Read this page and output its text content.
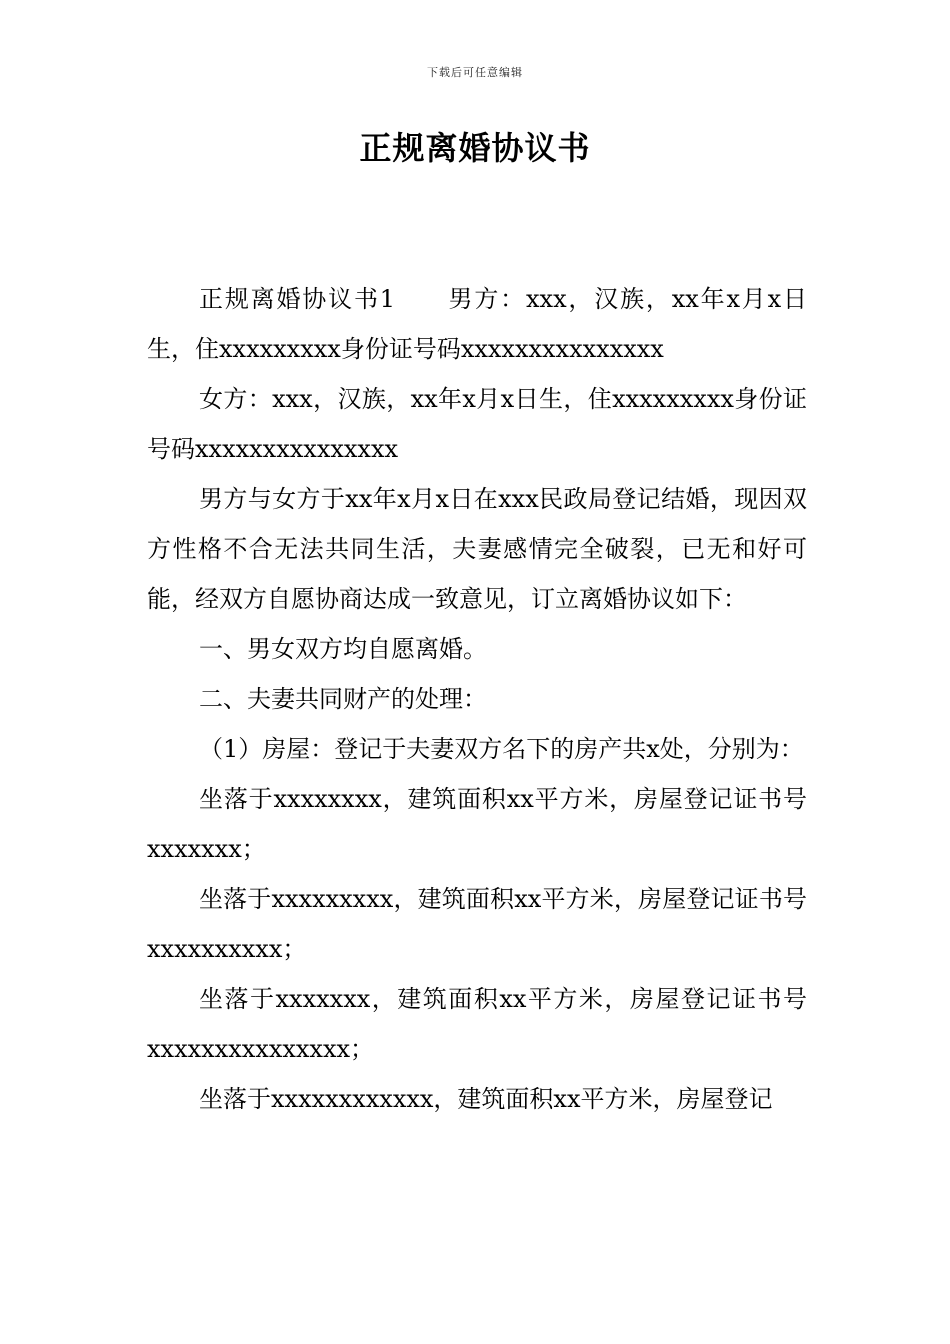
下载后可任意编辑
正规离婚协议书

正规离婚协议书1　　男方：xxx，汉族，xx年x月x日生，住xxxxxxxxx身份证号码xxxxxxxxxxxxxxx

女方：xxx，汉族，xx年x月x日生，住xxxxxxxxx身份证号码xxxxxxxxxxxxxxx

男方与女方于xx年x月x日在xxx民政局登记结婚，现因双方性格不合无法共同生活，夫妻感情完全破裂，已无和好可能，经双方自愿协商达成一致意见，订立离婚协议如下：

一、男女双方均自愿离婚。

二、夫妻共同财产的处理：

（1）房屋：登记于夫妻双方名下的房产共x处，分别为：

坐落于xxxxxxxx，建筑面积xx平方米，房屋登记证书号xxxxxxx；

坐落于xxxxxxxxx，建筑面积xx平方米，房屋登记证书号xxxxxxxxxx；

坐落于xxxxxxx，建筑面积xx平方米，房屋登记证书号xxxxxxxxxxxxxxx；

坐落于xxxxxxxxxxxx，建筑面积xx平方米，房屋登记
